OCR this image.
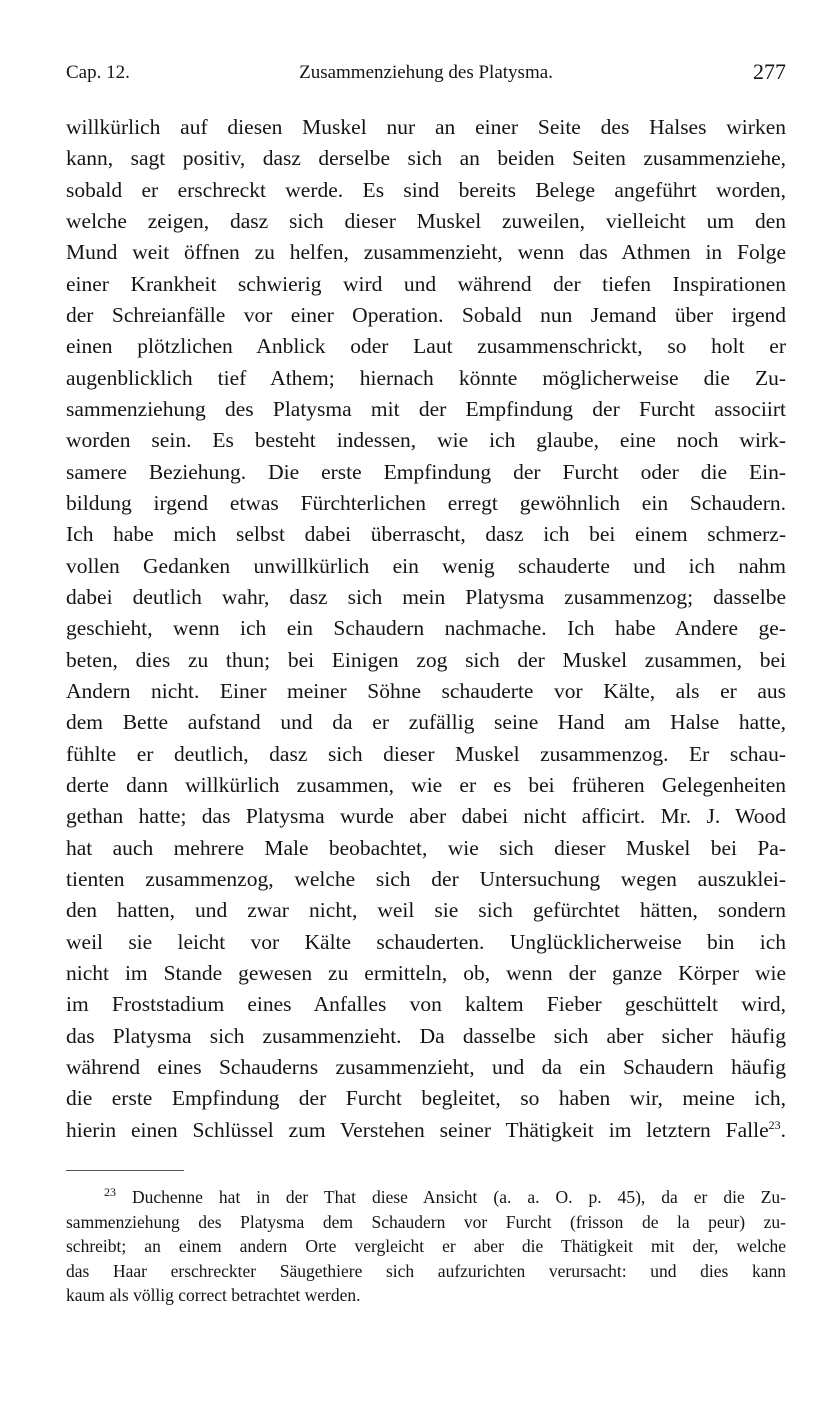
Cap. 12.	Zusammenziehung des Platysma.	277
willkürlich auf diesen Muskel nur an einer Seite des Halses wirken
kann, sagt positiv, dasz derselbe sich an beiden Seiten zusammenziehe,
sobald er erschreckt werde. Es sind bereits Belege angeführt worden,
welche zeigen, dasz sich dieser Muskel zuweilen, vielleicht um den
Mund weit öffnen zu helfen, zusammenzieht, wenn das Athmen in Folge
einer Krankheit schwierig wird und während der tiefen Inspirationen
der Schreianfälle vor einer Operation. Sobald nun Jemand über irgend
einen plötzlichen Anblick oder Laut zusammenschrickt, so holt er
augenblicklich tief Athem; hiernach könnte möglicherweise die Zu-
sammenziehung des Platysma mit der Empfindung der Furcht associirt
worden sein. Es besteht indessen, wie ich glaube, eine noch wirk-
samere Beziehung. Die erste Empfindung der Furcht oder die Ein-
bildung irgend etwas Fürchterlichen erregt gewöhnlich ein Schaudern.
Ich habe mich selbst dabei überrascht, dasz ich bei einem schmerz-
vollen Gedanken unwillkürlich ein wenig schauderte und ich nahm
dabei deutlich wahr, dasz sich mein Platysma zusammenzog; dasselbe
geschieht, wenn ich ein Schaudern nachmache. Ich habe Andere ge-
beten, dies zu thun; bei Einigen zog sich der Muskel zusammen, bei
Andern nicht. Einer meiner Söhne schauderte vor Kälte, als er aus
dem Bette aufstand und da er zufällig seine Hand am Halse hatte,
fühlte er deutlich, dasz sich dieser Muskel zusammenzog. Er schau-
derte dann willkürlich zusammen, wie er es bei früheren Gelegenheiten
gethan hatte; das Platysma wurde aber dabei nicht afficirt. Mr. J. Wood
hat auch mehrere Male beobachtet, wie sich dieser Muskel bei Pa-
tienten zusammenzog, welche sich der Untersuchung wegen auszuklei-
den hatten, und zwar nicht, weil sie sich gefürchtet hätten, sondern
weil sie leicht vor Kälte schauderten. Unglücklicherweise bin ich
nicht im Stande gewesen zu ermitteln, ob, wenn der ganze Körper wie
im Froststadium eines Anfalles von kaltem Fieber geschüttelt wird,
das Platysma sich zusammenzieht. Da dasselbe sich aber sicher häufig
während eines Schauderns zusammenzieht, und da ein Schaudern häufig
die erste Empfindung der Furcht begleitet, so haben wir, meine ich,
hierin einen Schlüssel zum Verstehen seiner Thätigkeit im letztern Falle$^{23}$.
$^{23}$ Duchenne hat in der That diese Ansicht (a. a. O. p. 45), da er die Zu-
sammenziehung des Platysma dem Schaudern vor Furcht (frisson de la peur) zu-
schreibt; an einem andern Orte vergleicht er aber die Thätigkeit mit der, welche
das Haar erschreckter Säugethiere sich aufzurichten verursacht: und dies kann
kaum als völlig correct betrachtet werden.
